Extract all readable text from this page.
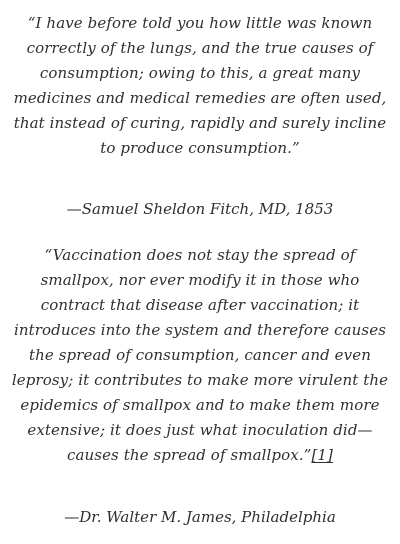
“I have before told you how little was known
correctly of the lungs, and the true causes of
consumption; owing to this, a great many
medicines and medical remedies are often used,
that instead of curing, rapidly and surely incline
to produce consumption.”
—Samuel Sheldon Fitch, MD, 1853
“Vaccination does not stay the spread of
smallpox, nor ever modify it in those who
contract that disease after vaccination; it
introduces into the system and therefore causes
the spread of consumption, cancer and even
leprosy; it contributes to make more virulent the
epidemics of smallpox and to make them more
extensive; it does just what inoculation did—
causes the spread of smallpox.”[1]
—Dr. Walter M. James, Philadelphia
